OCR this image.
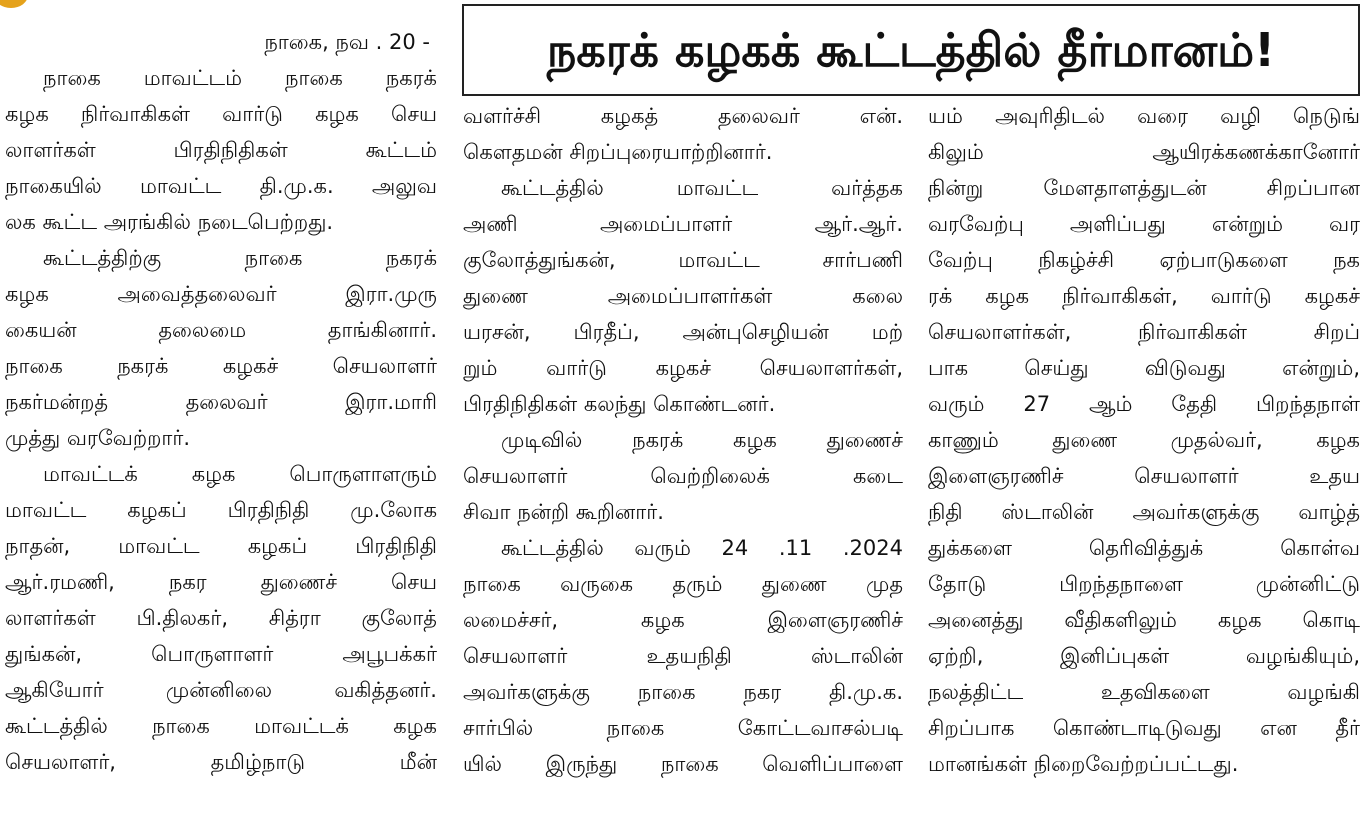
நகரக் கழகக் கூட்டத்தில் தீர்மானம்!
நாகை, நவ . 20 -
நாகை மாவட்டம் நாகை நகரக்
கழக நிர்வாகிகள் வார்டு கழக செய
லாளர்கள் பிரதிநிதிகள் கூட்டம்
நாகையில் மாவட்ட தி.மு.க. அலுவ
லக கூட்ட அரங்கில் நடைபெற்றது.
கூட்டத்திற்கு நாகை நகரக்
கழக அவைத்தலைவர் இரா.முரு
கையன் தலைமை தாங்கினார்.
நாகை நகரக் கழகச் செயலாளர்
நகர்மன்றத் தலைவர் இரா.மாரி
முத்து வரவேற்றார்.
மாவட்டக் கழக பொருளாளரும்
மாவட்ட கழகப் பிரதிநிதி மு.லோக
நாதன், மாவட்ட கழகப் பிரதிநிதி
ஆர்.ரமணி, நகர துணைச் செய
லாளர்கள் பி.திலகர், சித்ரா குலோத்
துங்கன், பொருளாளர் அபூபக்கர்
ஆகியோர் முன்னிலை வகித்தனர்.
கூட்டத்தில் நாகை மாவட்டக் கழக
செயலாளர், தமிழ்நாடு மீன்
வளர்ச்சி கழகத் தலைவர் என்.
கௌதமன் சிறப்புரையாற்றினார்.
கூட்டத்தில் மாவட்ட வர்த்தக
அணி அமைப்பாளர் ஆர்.ஆர்.
குலோத்துங்கன், மாவட்ட சார்பணி
துணை அமைப்பாளர்கள் கலை
யரசன், பிரதீப், அன்புசெழியன் மற்
றும் வார்டு கழகச் செயலாளர்கள்,
பிரதிநிதிகள் கலந்து கொண்டனர்.
முடிவில் நகரக் கழக துணைச்
செயலாளர் வெற்றிலைக் கடை
சிவா நன்றி கூறினார்.
கூட்டத்தில் வரும் 24 .11 .2024
நாகை வருகை தரும் துணை முத
லமைச்சர், கழக இளைஞரணிச்
செயலாளர் உதயநிதி ஸ்டாலின்
அவர்களுக்கு நாகை நகர தி.மு.க.
சார்பில் நாகை கோட்டவாசல்படி
யில் இருந்து நாகை வெளிப்பாளை
யம் அவுரிதிடல் வரை வழி நெடுங்
கிலும் ஆயிரக்கணக்கானோர்
நின்று மேளதாளத்துடன் சிறப்பான
வரவேற்பு அளிப்பது என்றும் வர
வேற்பு நிகழ்ச்சி ஏற்பாடுகளை நக
ரக் கழக நிர்வாகிகள், வார்டு கழகச்
செயலாளர்கள், நிர்வாகிகள் சிறப்
பாக செய்து விடுவது என்றும்,
வரும் 27 ஆம் தேதி பிறந்தநாள்
காணும் துணை முதல்வர், கழக
இளைஞரணிச் செயலாளர் உதய
நிதி ஸ்டாலின் அவர்களுக்கு வாழ்த்
துக்களை தெரிவித்துக் கொள்வ
தோடு பிறந்தநாளை முன்னிட்டு
அனைத்து வீதிகளிலும் கழக கொடி
ஏற்றி, இனிப்புகள் வழங்கியும்,
நலத்திட்ட உதவிகளை வழங்கி
சிறப்பாக கொண்டாடிடுவது என தீர்
மானங்கள் நிறைவேற்றப்பட்டது.
